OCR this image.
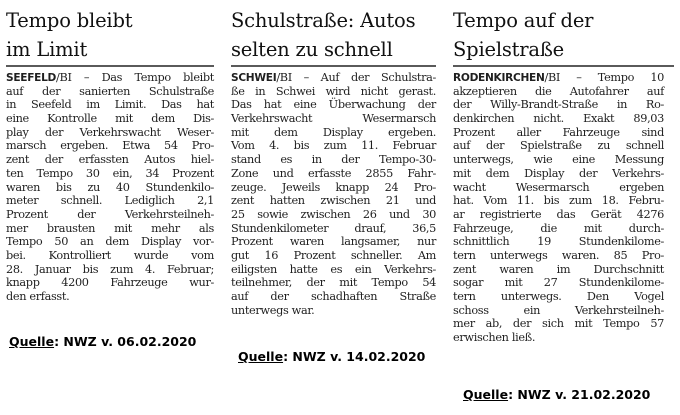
Tempo bleibt
im Limit
SEEFELD/BI – Das Tempo bleibt
auf der sanierten Schulstraße
in Seefeld im Limit. Das hat
eine Kontrolle mit dem Dis-
play der Verkehrswacht Weser-
marsch ergeben. Etwa 54 Pro-
zent der erfassten Autos hiel-
ten Tempo 30 ein, 34 Prozent
waren bis zu 40 Stundenkilo-
meter schnell. Lediglich 2,1
Prozent der Verkehrsteilneh-
mer brausten mit mehr als
Tempo 50 an dem Display vor-
bei. Kontrolliert wurde vom
28. Januar bis zum 4. Februar;
knapp 4200 Fahrzeuge wur-
den erfasst.
Quelle: NWZ v. 06.02.2020
Schulstraße: Autos
selten zu schnell
SCHWEI/BI – Auf der Schulstra-
ße in Schwei wird nicht gerast.
Das hat eine Überwachung der
Verkehrswacht Wesermarsch
mit dem Display ergeben.
Vom 4. bis zum 11. Februar
stand es in der Tempo-30-
Zone und erfasste 2855 Fahr-
zeuge. Jeweils knapp 24 Pro-
zent hatten zwischen 21 und
25 sowie zwischen 26 und 30
Stundenkilometer drauf, 36,5
Prozent waren langsamer, nur
gut 16 Prozent schneller. Am
eiligsten hatte es ein Verkehrs-
teilnehmer, der mit Tempo 54
auf der schadhaften Straße
unterwegs war.
Quelle: NWZ v. 14.02.2020
Tempo auf der
Spielstraße
RODENKIRCHEN/BI – Tempo 10
akzeptieren die Autofahrer auf
der Willy-Brandt-Straße in Ro-
denkirchen nicht. Exakt 89,03
Prozent aller Fahrzeuge sind
auf der Spielstraße zu schnell
unterwegs, wie eine Messung
mit dem Display der Verkehrs-
wacht Wesermarsch ergeben
hat. Vom 11. bis zum 18. Febru-
ar registrierte das Gerät 4276
Fahrzeuge, die mit durch-
schnittlich 19 Stundenkilome-
tern unterwegs waren. 85 Pro-
zent waren im Durchschnitt
sogar mit 27 Stundenkilome-
tern unterwegs. Den Vogel
schoss ein Verkehrsteilneh-
mer ab, der sich mit Tempo 57
erwischen ließ.
Quelle: NWZ v. 21.02.2020
